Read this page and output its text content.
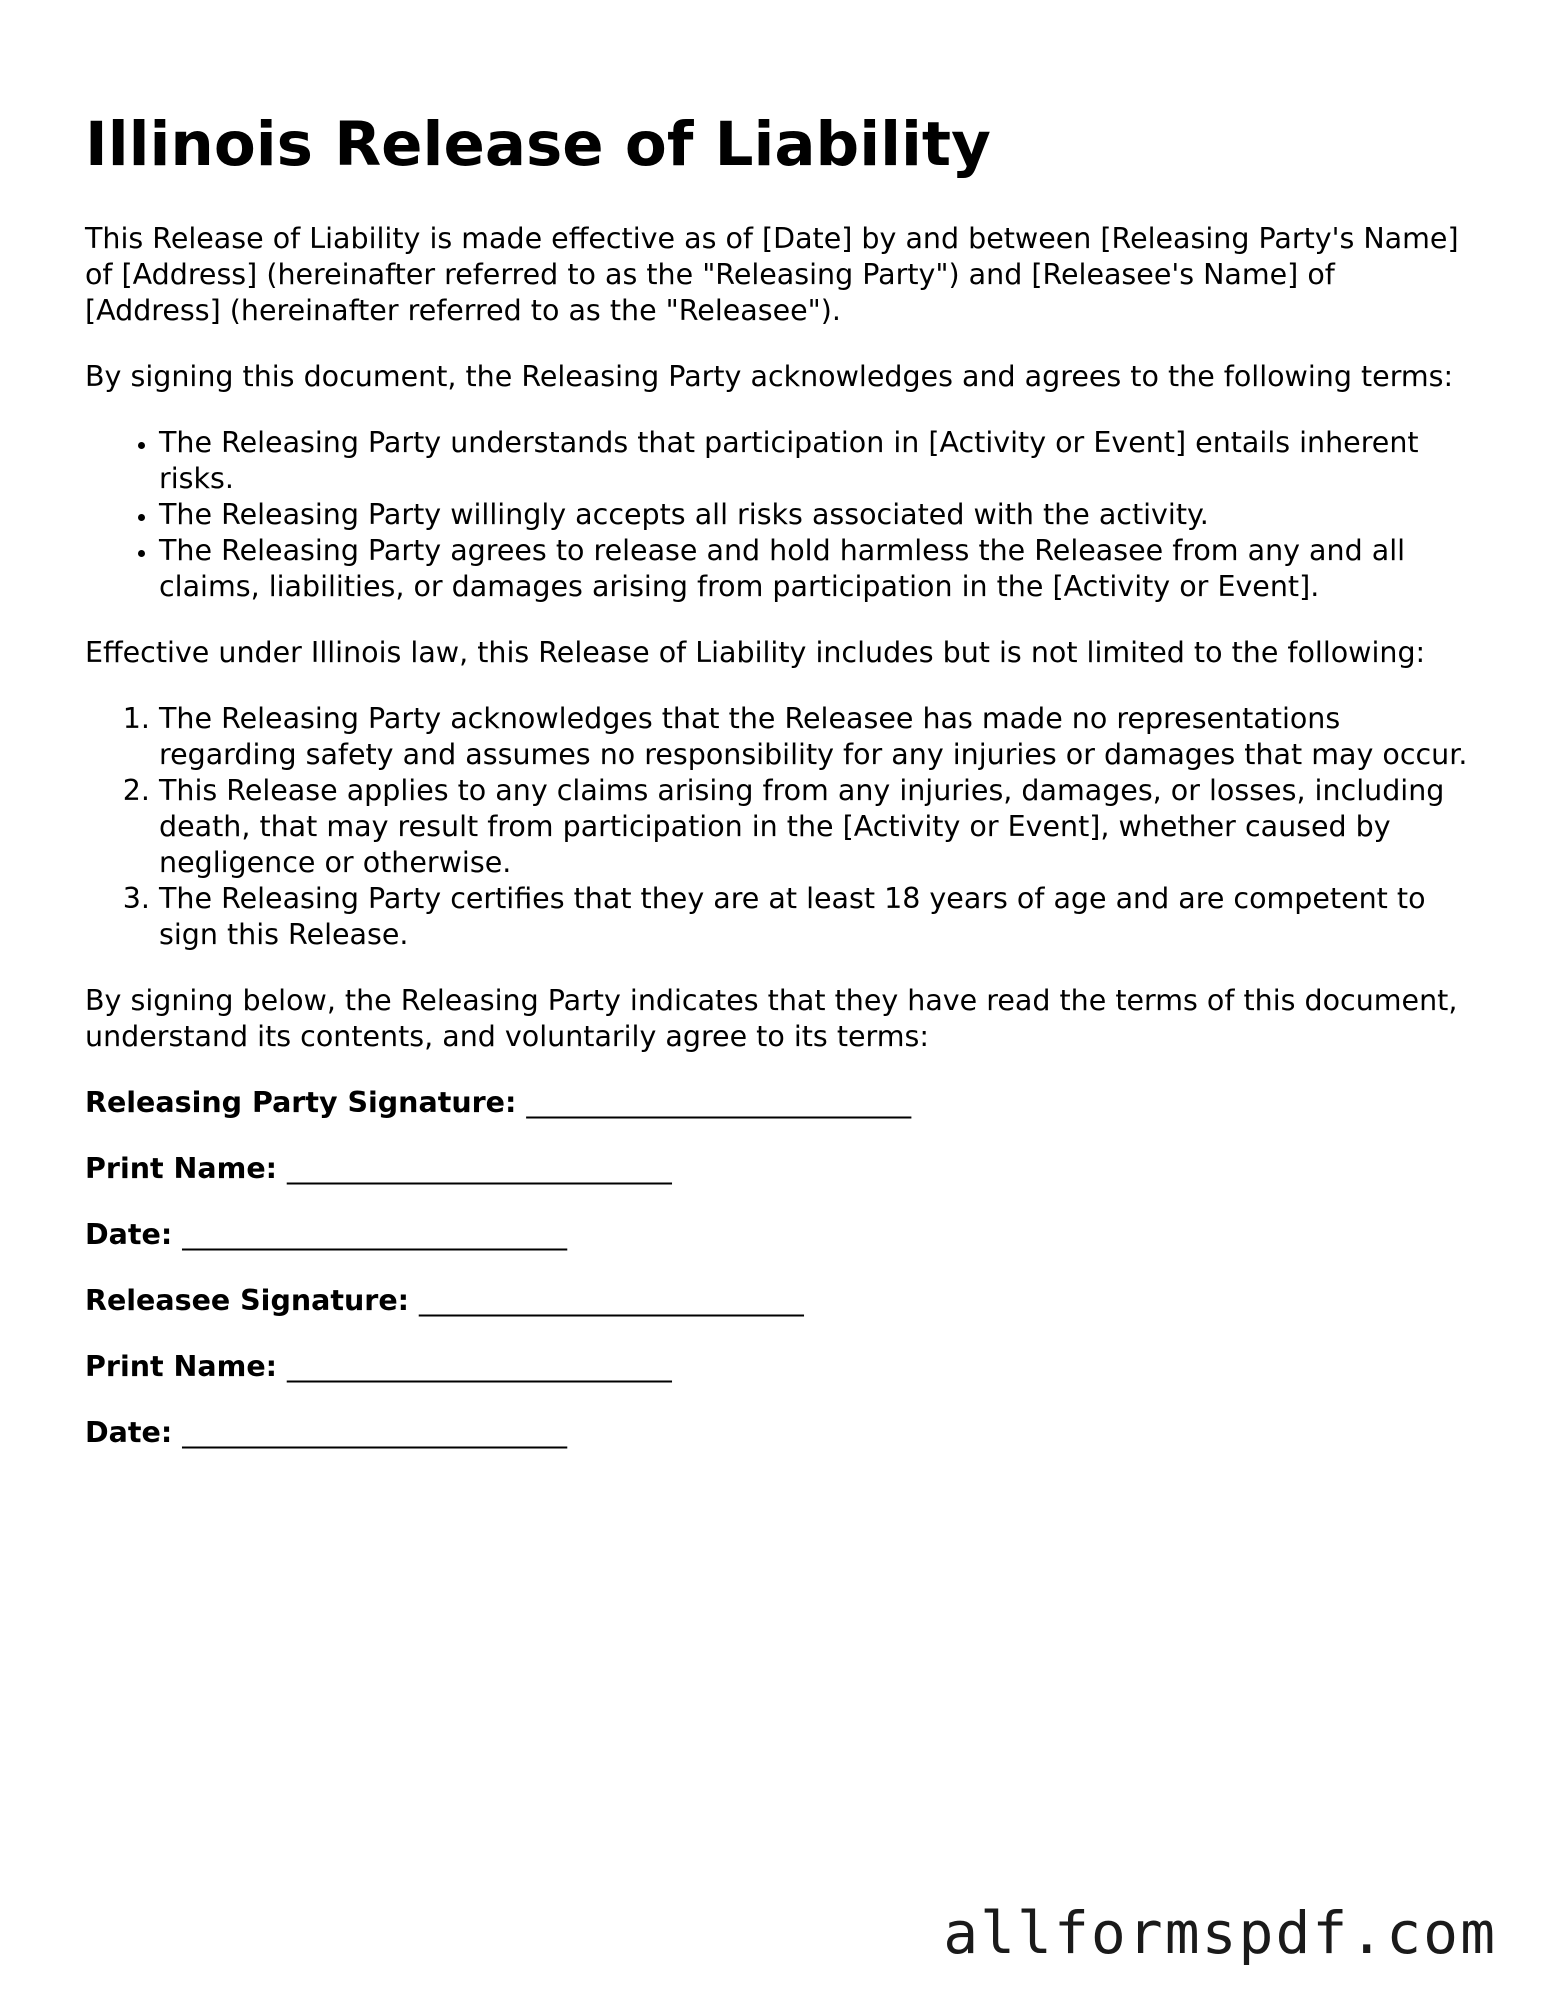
Illinois Release of Liability

This Release of Liability is made effective as of [Date] by and between [Releasing Party's Name] of [Address] (hereinafter referred to as the "Releasing Party") and [Releasee's Name] of [Address] (hereinafter referred to as the "Releasee").

By signing this document, the Releasing Party acknowledges and agrees to the following terms:

• The Releasing Party understands that participation in [Activity or Event] entails inherent risks.
• The Releasing Party willingly accepts all risks associated with the activity.
• The Releasing Party agrees to release and hold harmless the Releasee from any and all claims, liabilities, or damages arising from participation in the [Activity or Event].

Effective under Illinois law, this Release of Liability includes but is not limited to the following:

1. The Releasing Party acknowledges that the Releasee has made no representations regarding safety and assumes no responsibility for any injuries or damages that may occur.
2. This Release applies to any claims arising from any injuries, damages, or losses, including death, that may result from participation in the [Activity or Event], whether caused by negligence or otherwise.
3. The Releasing Party certifies that they are at least 18 years of age and are competent to sign this Release.

By signing below, the Releasing Party indicates that they have read the terms of this document, understand its contents, and voluntarily agree to its terms:

Releasing Party Signature: ___________________________
Print Name: ___________________________
Date: ___________________________
Releasee Signature: ___________________________
Print Name: ___________________________
Date: ___________________________
allformspdf.com
